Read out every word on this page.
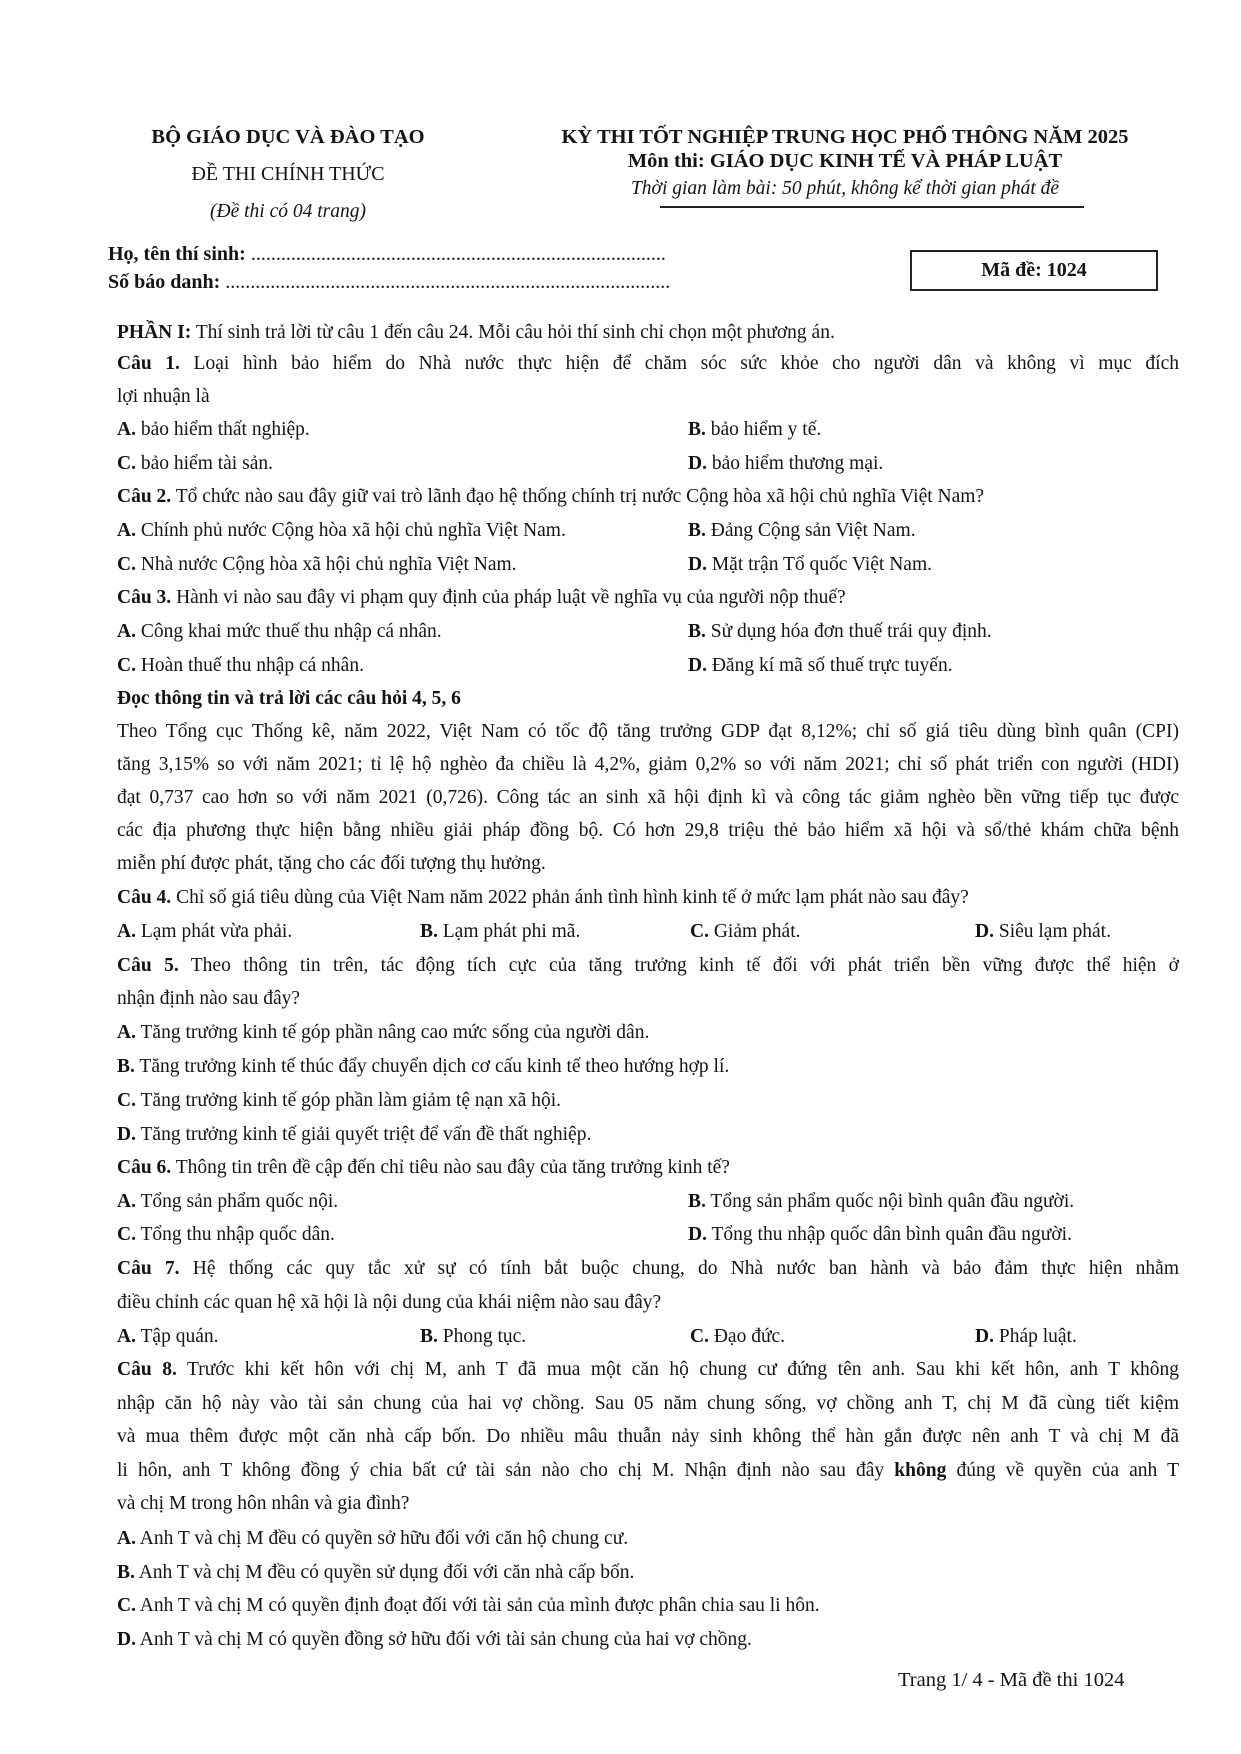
BỘ GIÁO DỤC VÀ ĐÀO TẠO
ĐỀ THI CHÍNH THỨC
(Đề thi có 04 trang)
KỲ THI TỐT NGHIỆP TRUNG HỌC PHỔ THÔNG NĂM 2025
Môn thi: GIÁO DỤC KINH TẾ VÀ PHÁP LUẬT
Thời gian làm bài: 50 phút, không kể thời gian phát đề
Họ, tên thí sinh: ...................................................................................
Số báo danh: .........................................................................................
Mã đề: 1024
PHẦN I: Thí sinh trả lời từ câu 1 đến câu 24. Mỗi câu hỏi thí sinh chỉ chọn một phương án.
Câu 1. Loại hình bảo hiểm do Nhà nước thực hiện để chăm sóc sức khỏe cho người dân và không vì mục đích
lợi nhuận là
A. bảo hiểm thất nghiệp.	B. bảo hiểm y tế.
C. bảo hiểm tài sản.	D. bảo hiểm thương mại.
Câu 2. Tổ chức nào sau đây giữ vai trò lãnh đạo hệ thống chính trị nước Cộng hòa xã hội chủ nghĩa Việt Nam?
A. Chính phủ nước Cộng hòa xã hội chủ nghĩa Việt Nam.	B. Đảng Cộng sản Việt Nam.
C. Nhà nước Cộng hòa xã hội chủ nghĩa Việt Nam.	D. Mặt trận Tổ quốc Việt Nam.
Câu 3. Hành vi nào sau đây vi phạm quy định của pháp luật về nghĩa vụ của người nộp thuế?
A. Công khai mức thuế thu nhập cá nhân.	B. Sử dụng hóa đơn thuế trái quy định.
C. Hoàn thuế thu nhập cá nhân.	D. Đăng kí mã số thuế trực tuyến.
Đọc thông tin và trả lời các câu hỏi 4, 5, 6
Theo Tổng cục Thống kê, năm 2022, Việt Nam có tốc độ tăng trưởng GDP đạt 8,12%; chỉ số giá tiêu dùng bình quân (CPI)
tăng 3,15% so với năm 2021; tỉ lệ hộ nghèo đa chiều là 4,2%, giảm 0,2% so với năm 2021; chỉ số phát triển con người (HDI)
đạt 0,737 cao hơn so với năm 2021 (0,726). Công tác an sinh xã hội định kì và công tác giảm nghèo bền vững tiếp tục được
các địa phương thực hiện bằng nhiều giải pháp đồng bộ. Có hơn 29,8 triệu thẻ bảo hiểm xã hội và sổ/thẻ khám chữa bệnh
miễn phí được phát, tặng cho các đối tượng thụ hưởng.
Câu 4. Chỉ số giá tiêu dùng của Việt Nam năm 2022 phản ánh tình hình kinh tế ở mức lạm phát nào sau đây?
A. Lạm phát vừa phải.	B. Lạm phát phi mã.	C. Giảm phát.	D. Siêu lạm phát.
Câu 5. Theo thông tin trên, tác động tích cực của tăng trưởng kinh tế đối với phát triển bền vững được thể hiện ở
nhận định nào sau đây?
A. Tăng trưởng kinh tế góp phần nâng cao mức sống của người dân.
B. Tăng trưởng kinh tế thúc đẩy chuyển dịch cơ cấu kinh tế theo hướng hợp lí.
C. Tăng trưởng kinh tế góp phần làm giảm tệ nạn xã hội.
D. Tăng trưởng kinh tế giải quyết triệt để vấn đề thất nghiệp.
Câu 6. Thông tin trên đề cập đến chỉ tiêu nào sau đây của tăng trưởng kinh tế?
A. Tổng sản phẩm quốc nội.	B. Tổng sản phẩm quốc nội bình quân đầu người.
C. Tổng thu nhập quốc dân.	D. Tổng thu nhập quốc dân bình quân đầu người.
Câu 7. Hệ thống các quy tắc xử sự có tính bắt buộc chung, do Nhà nước ban hành và bảo đảm thực hiện nhằm
điều chỉnh các quan hệ xã hội là nội dung của khái niệm nào sau đây?
A. Tập quán.	B. Phong tục.	C. Đạo đức.	D. Pháp luật.
Câu 8. Trước khi kết hôn với chị M, anh T đã mua một căn hộ chung cư đứng tên anh. Sau khi kết hôn, anh T không
nhập căn hộ này vào tài sản chung của hai vợ chồng. Sau 05 năm chung sống, vợ chồng anh T, chị M đã cùng tiết kiệm
và mua thêm được một căn nhà cấp bốn. Do nhiều mâu thuẫn nảy sinh không thể hàn gắn được nên anh T và chị M đã
li hôn, anh T không đồng ý chia bất cứ tài sản nào cho chị M. Nhận định nào sau đây không đúng về quyền của anh T
và chị M trong hôn nhân và gia đình?
A. Anh T và chị M đều có quyền sở hữu đối với căn hộ chung cư.
B. Anh T và chị M đều có quyền sử dụng đối với căn nhà cấp bốn.
C. Anh T và chị M có quyền định đoạt đối với tài sản của mình được phân chia sau li hôn.
D. Anh T và chị M có quyền đồng sở hữu đối với tài sản chung của hai vợ chồng.
Trang 1/ 4 - Mã đề thi 1024
